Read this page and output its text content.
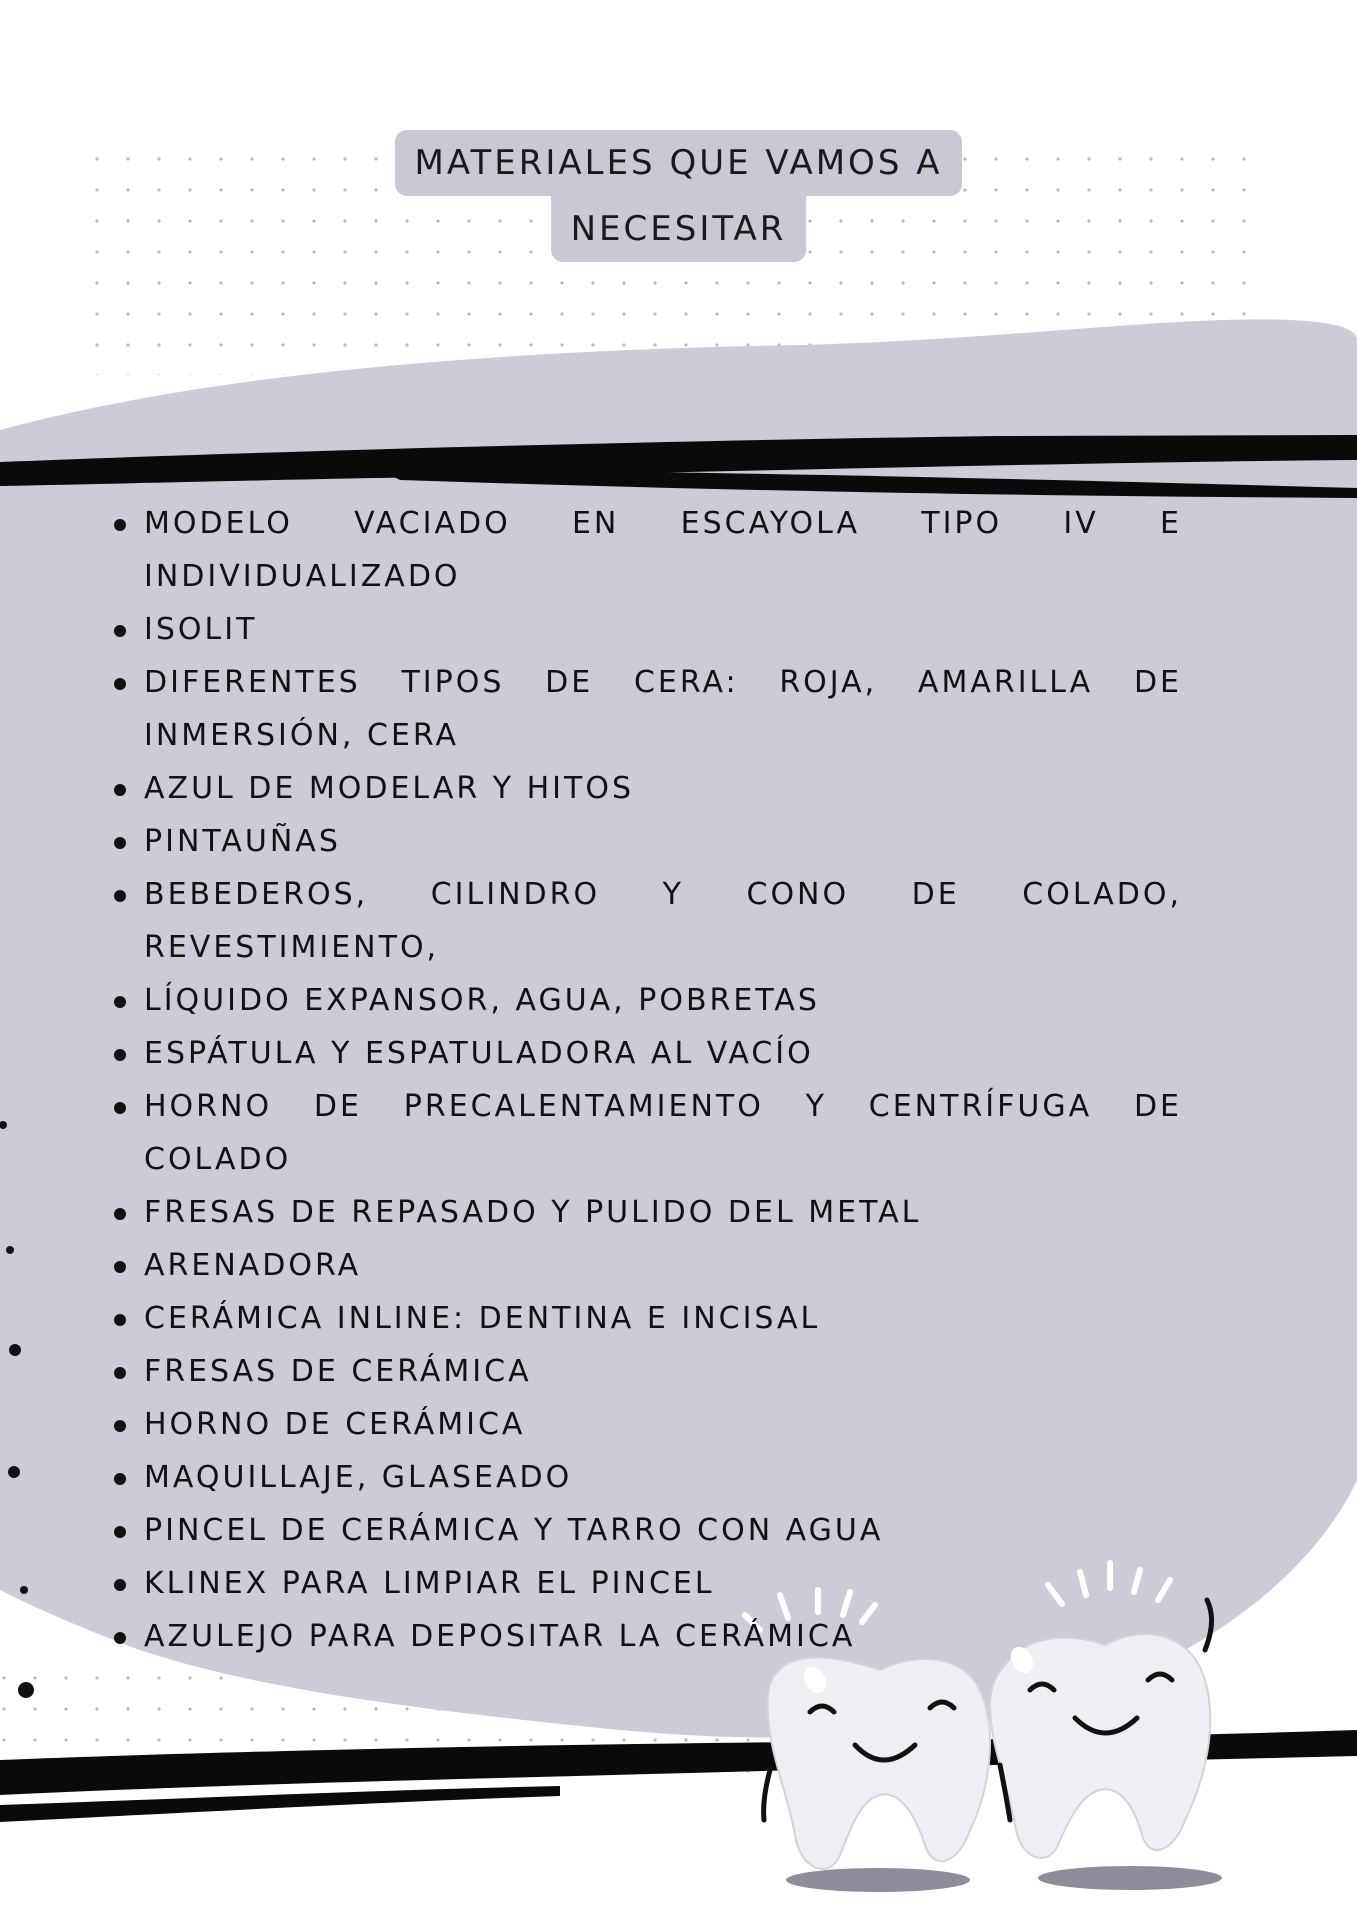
MATERIALES QUE VAMOS A
NECESITAR
MODELO VACIADO EN ESCAYOLA TIPO IV E INDIVIDUALIZADO
ISOLIT
DIFERENTES TIPOS DE CERA: ROJA, AMARILLA DE INMERSIÓN, CERA
AZUL DE MODELAR Y HITOS
PINTAUÑAS
BEBEDEROS, CILINDRO Y CONO DE COLADO, REVESTIMIENTO,
LÍQUIDO EXPANSOR, AGUA, POBRETAS
ESPÁTULA Y ESPATULADORA AL VACÍO
HORNO DE PRECALENTAMIENTO Y CENTRÍFUGA DE COLADO
FRESAS DE REPASADO Y PULIDO DEL METAL
ARENADORA
CERÁMICA INLINE: DENTINA E INCISAL
FRESAS DE CERÁMICA
HORNO DE CERÁMICA
MAQUILLAJE, GLASEADO
PINCEL DE CERÁMICA Y TARRO CON AGUA
KLINEX PARA LIMPIAR EL PINCEL
AZULEJO PARA DEPOSITAR LA CERÁMICA
